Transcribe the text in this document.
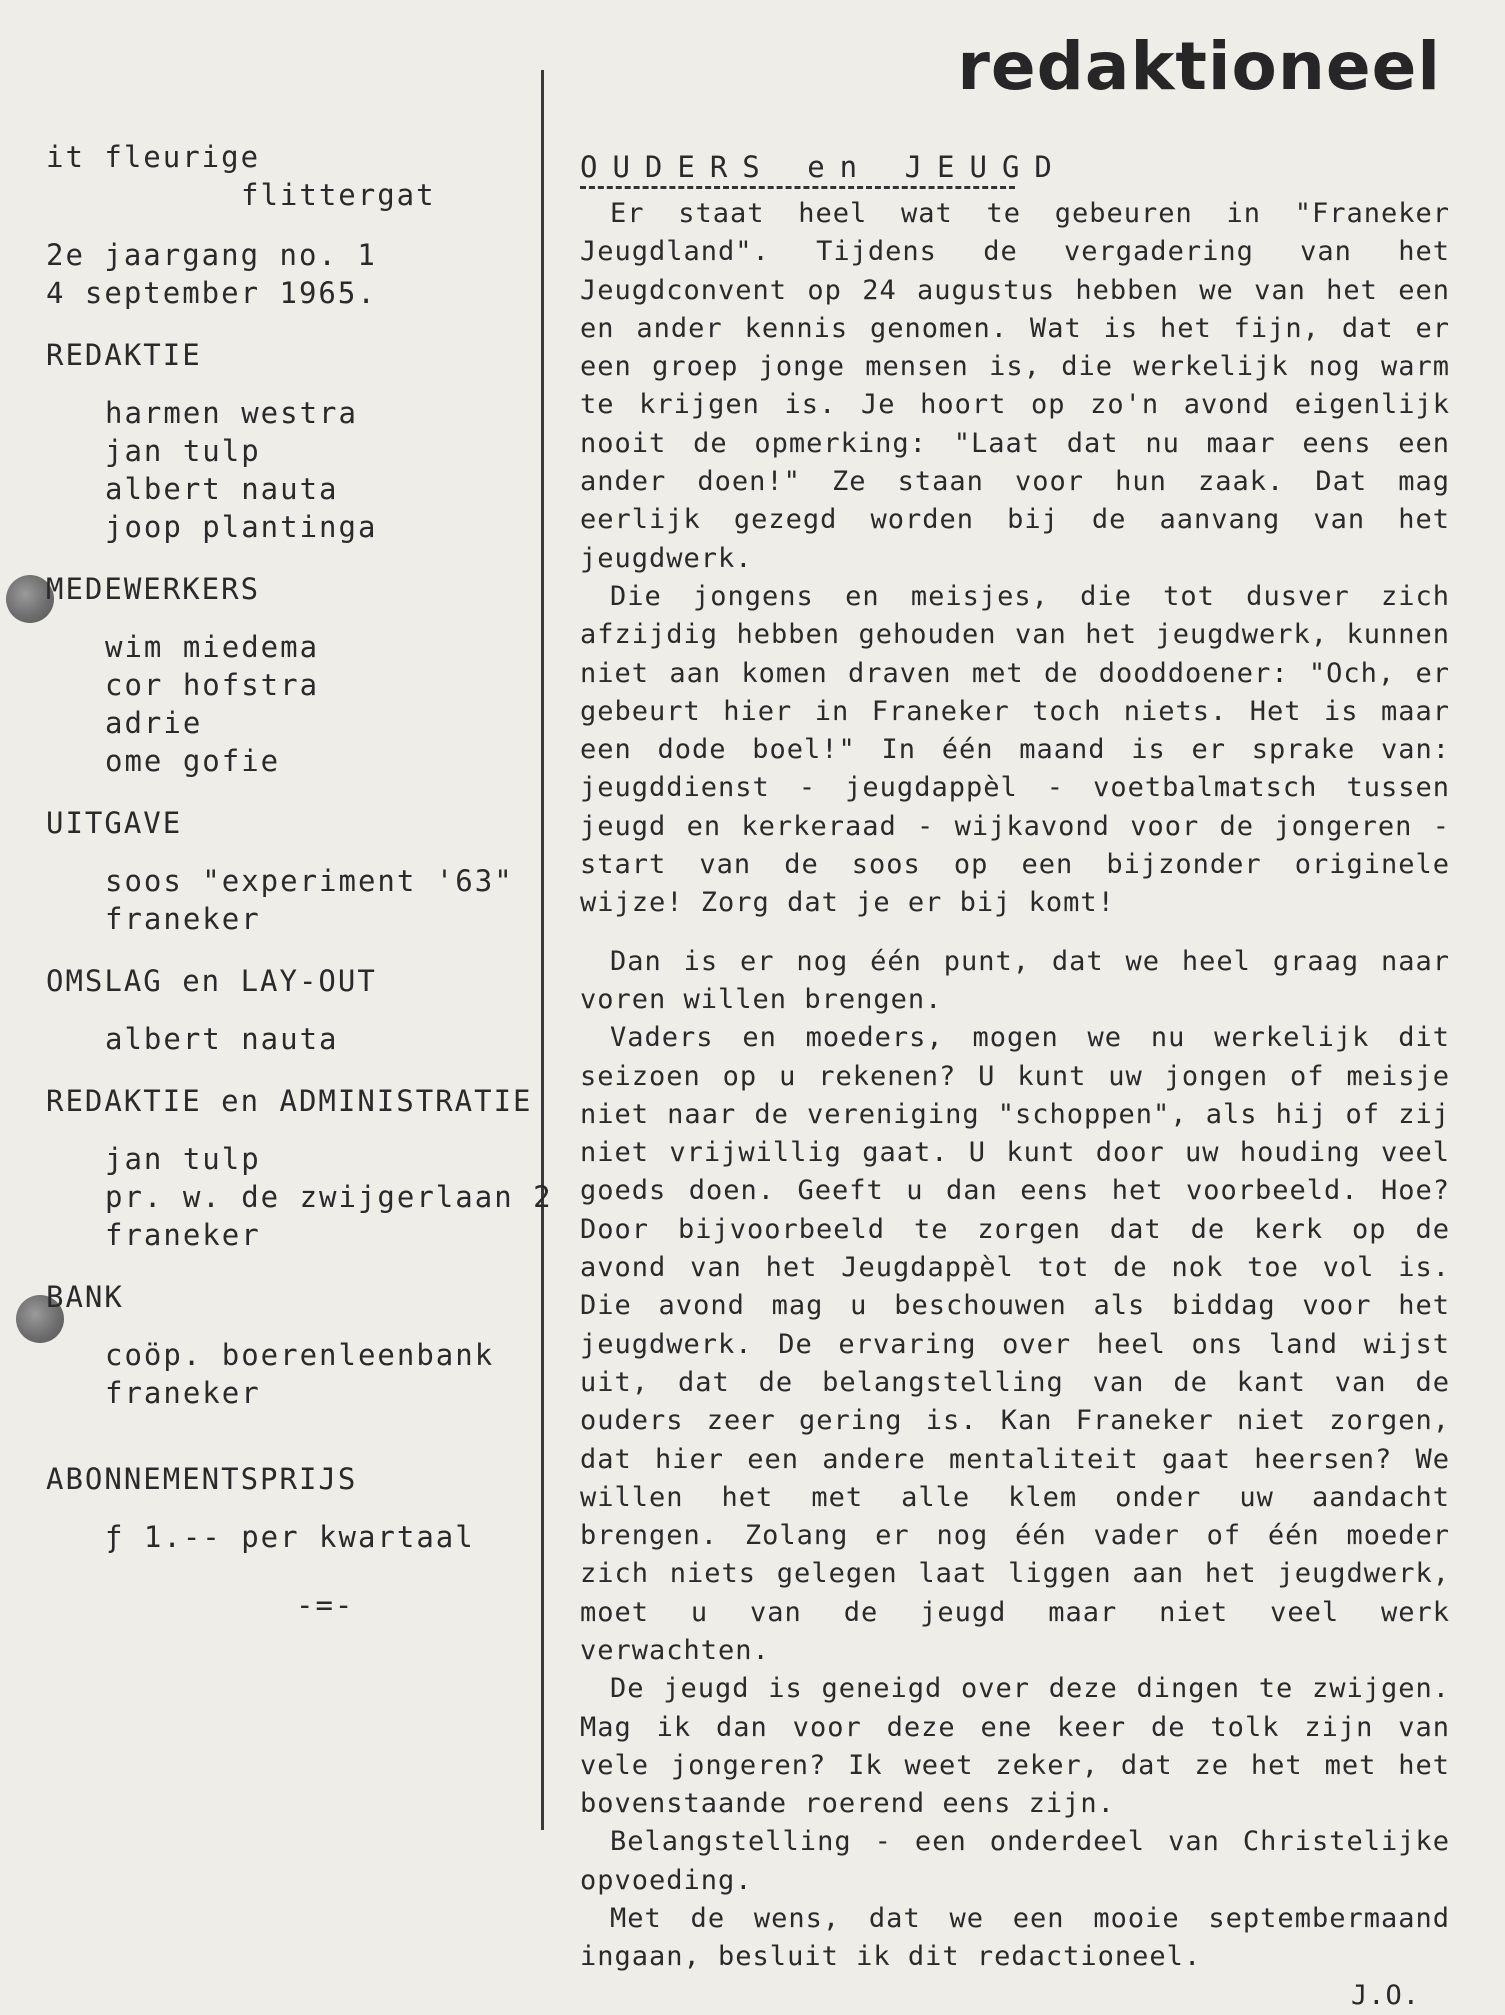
redaktioneel
it fleurige
flittergat
2e jaargang no. 1
4 september 1965.
REDAKTIE
harmen westra
jan tulp
albert nauta
joop plantinga
MEDEWERKERS
wim miedema
cor hofstra
adrie
ome gofie
UITGAVE
soos "experiment '63"
franeker
OMSLAG en LAY-OUT
albert nauta
REDAKTIE en ADMINISTRATIE
jan tulp
pr. w. de zwijgerlaan 2
franeker
BANK
coöp. boerenleenbank
franeker
ABONNEMENTSPRIJS
ƒ 1.-- per kwartaal
-=-
OUDERS en JEUGD

Er staat heel wat te gebeuren in "Franeker Jeugdland". Tijdens de vergadering van het Jeugdconvent op 24 augustus hebben we van het een en ander kennis genomen. Wat is het fijn, dat er een groep jonge mensen is, die werkelijk nog warm te krijgen is. Je hoort op zo'n avond eigenlijk nooit de opmerking: "Laat dat nu maar eens een ander doen!" Ze staan voor hun zaak. Dat mag eerlijk gezegd worden bij de aanvang van het jeugdwerk.

Die jongens en meisjes, die tot dusver zich afzijdig hebben gehouden van het jeugdwerk, kunnen niet aan komen draven met de dooddoener: "Och, er gebeurt hier in Franeker toch niets. Het is maar een dode boel!" In één maand is er sprake van: jeugddienst - jeugdappèl - voetbalmatsch tussen jeugd en kerkeraad - wijkavond voor de jongeren - start van de soos op een bijzonder originele wijze! Zorg dat je er bij komt!

Dan is er nog één punt, dat we heel graag naar voren willen brengen.

Vaders en moeders, mogen we nu werkelijk dit seizoen op u rekenen? U kunt uw jongen of meisje niet naar de vereniging "schoppen", als hij of zij niet vrijwillig gaat. U kunt door uw houding veel goeds doen. Geeft u dan eens het voorbeeld. Hoe? Door bijvoorbeeld te zorgen dat de kerk op de avond van het Jeugdappèl tot de nok toe vol is. Die avond mag u beschouwen als biddag voor het jeugdwerk. De ervaring over heel ons land wijst uit, dat de belangstelling van de kant van de ouders zeer gering is. Kan Franeker niet zorgen, dat hier een andere mentaliteit gaat heersen? We willen het met alle klem onder uw aandacht brengen. Zolang er nog één vader of één moeder zich niets gelegen laat liggen aan het jeugdwerk, moet u van de jeugd maar niet veel werk verwachten.

De jeugd is geneigd over deze dingen te zwijgen. Mag ik dan voor deze ene keer de tolk zijn van vele jongeren? Ik weet zeker, dat ze het met het bovenstaande roerend eens zijn.

Belangstelling - een onderdeel van Christelijke opvoeding.

Met de wens, dat we een mooie septembermaand ingaan, besluit ik dit redactioneel.

J.O.
